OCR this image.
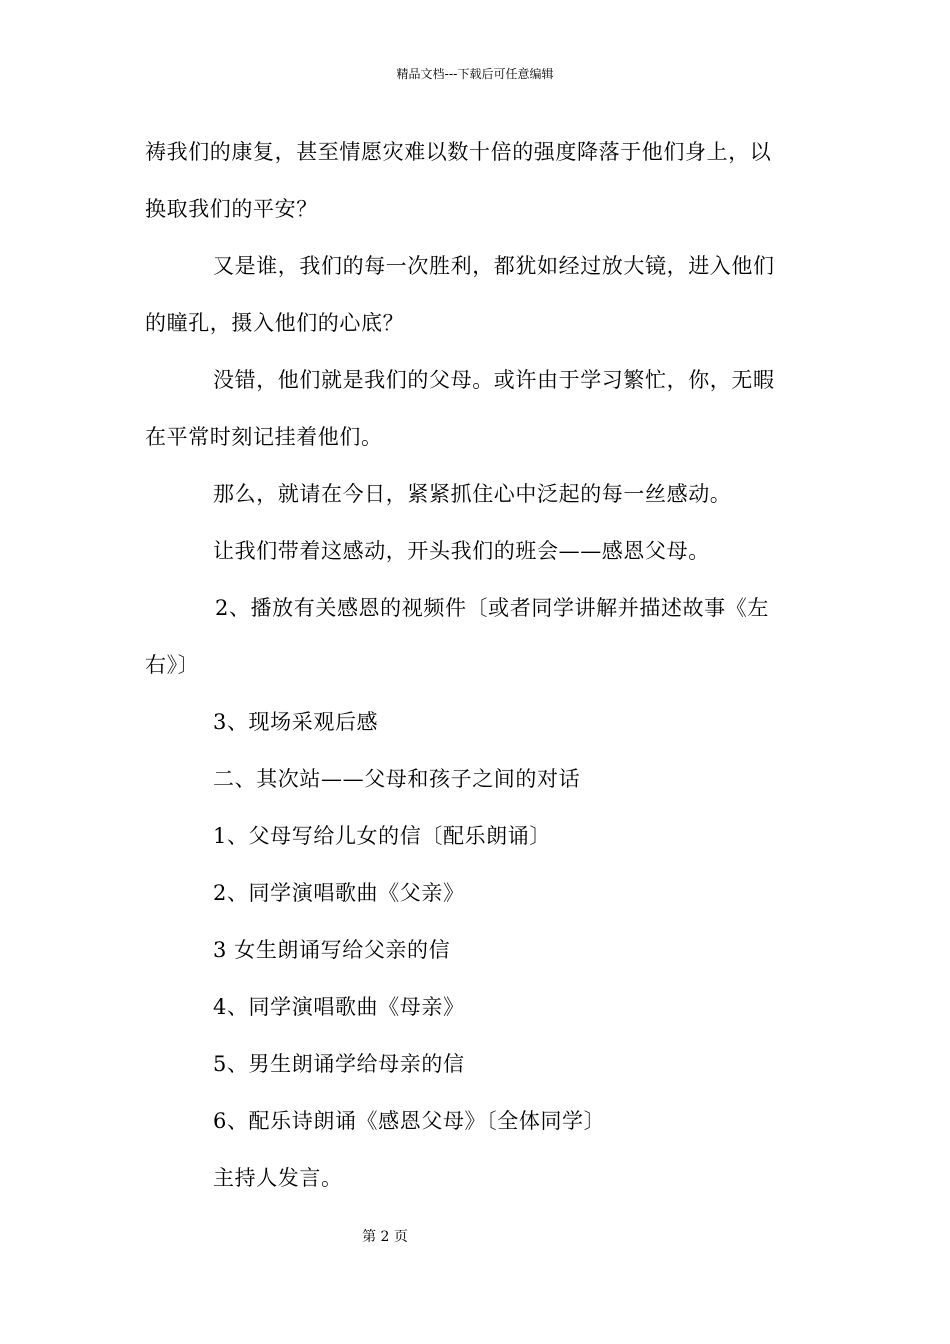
精品文档---下载后可任意编辑
祷我们的康复，甚至情愿灾难以数十倍的强度降落于他们身上，以
换取我们的平安？
又是谁，我们的每一次胜利，都犹如经过放大镜，进入他们
的瞳孔，摄入他们的心底？
没错，他们就是我们的父母。或许由于学习繁忙，你，无暇
在平常时刻记挂着他们。
那么，就请在今日，紧紧抓住心中泛起的每一丝感动。
让我们带着这感动，开头我们的班会——感恩父母。
2、播放有关感恩的视频件〔或者同学讲解并描述故事《左
右》〕
3、现场采观后感
二、其次站——父母和孩子之间的对话
1、父母写给儿女的信〔配乐朗诵〕
2、同学演唱歌曲《父亲》
3 女生朗诵写给父亲的信
4、同学演唱歌曲《母亲》
5、男生朗诵学给母亲的信
6、配乐诗朗诵《感恩父母》〔全体同学〕
主持人发言。
第 2 页
